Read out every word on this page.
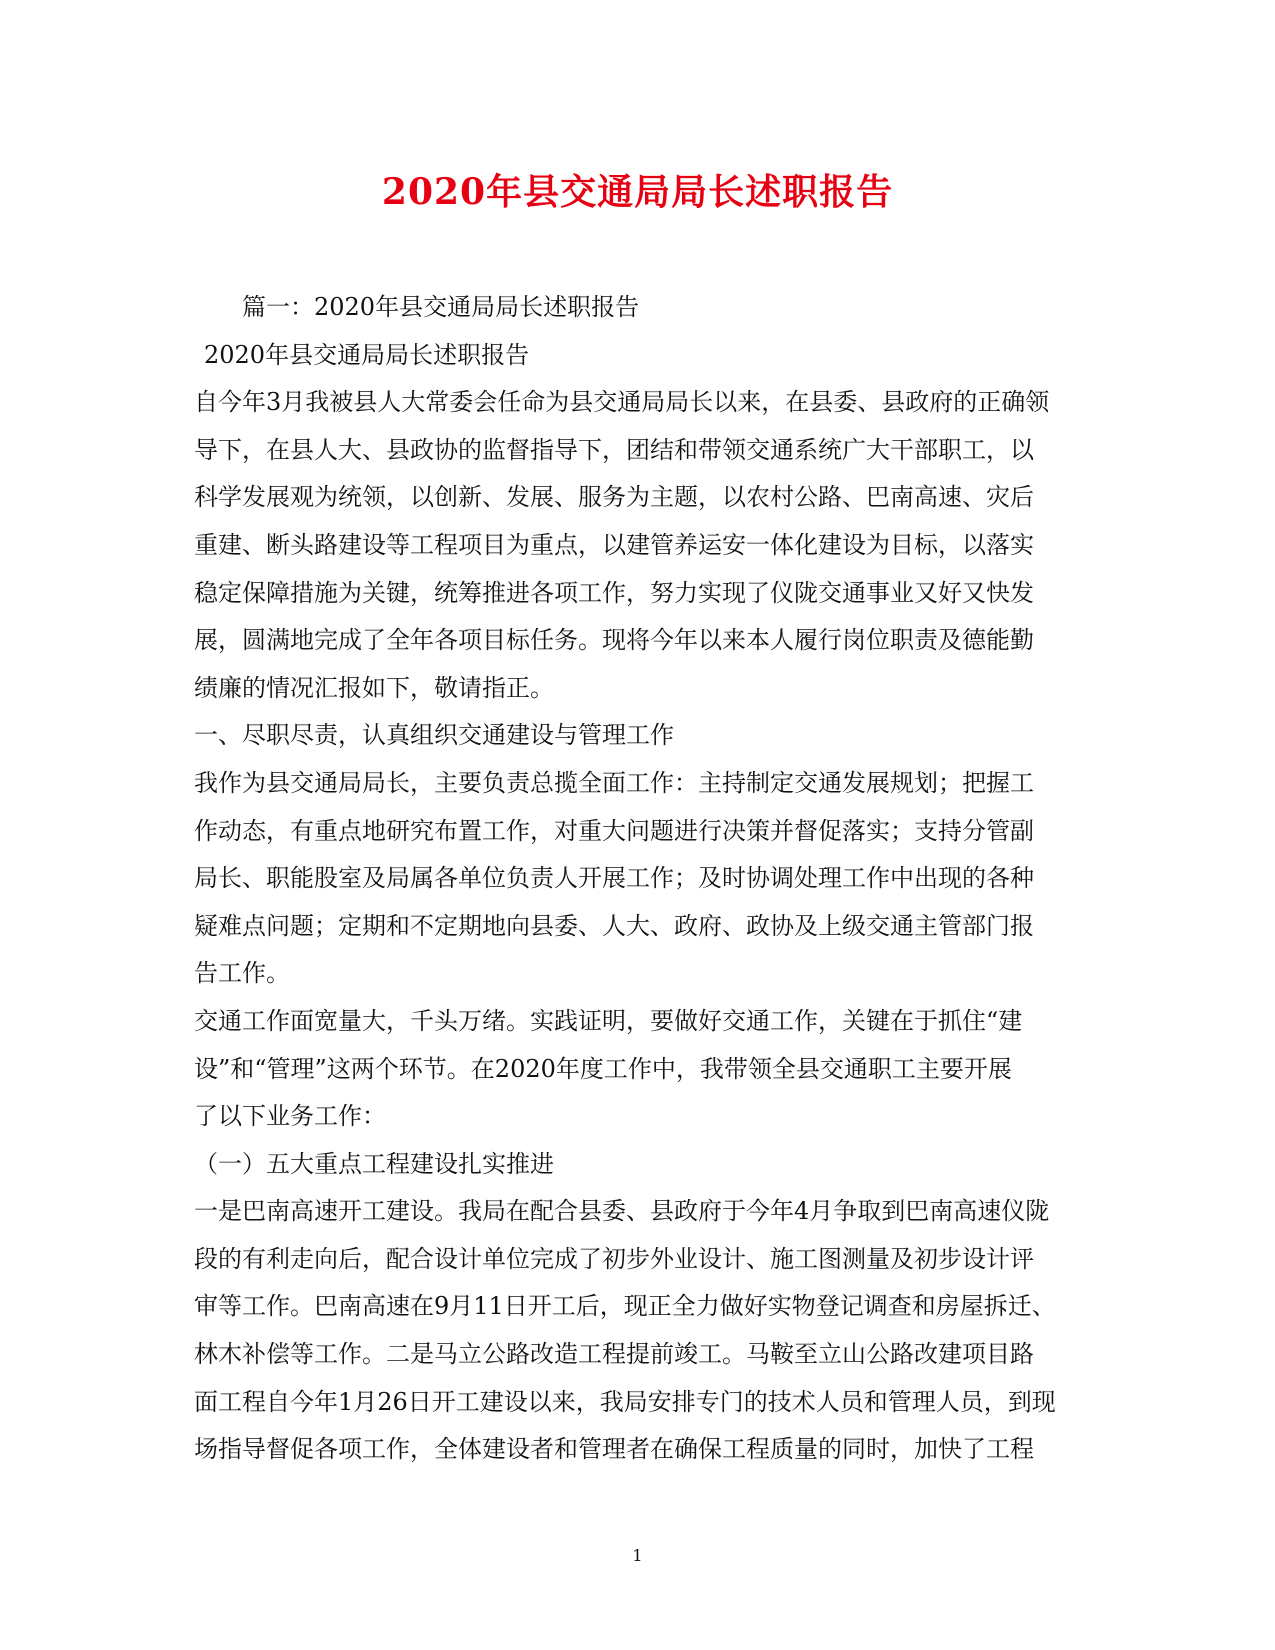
2020年县交通局局长述职报告
篇一：2020年县交通局局长述职报告
2020年县交通局局长述职报告
自今年3月我被县人大常委会任命为县交通局局长以来，在县委、县政府的正确领
导下，在县人大、县政协的监督指导下，团结和带领交通系统广大干部职工，以
科学发展观为统领，以创新、发展、服务为主题，以农村公路、巴南高速、灾后
重建、断头路建设等工程项目为重点，以建管养运安一体化建设为目标，以落实
稳定保障措施为关键，统筹推进各项工作，努力实现了仪陇交通事业又好又快发
展，圆满地完成了全年各项目标任务。现将今年以来本人履行岗位职责及德能勤
绩廉的情况汇报如下，敬请指正。
一、尽职尽责，认真组织交通建设与管理工作
我作为县交通局局长，主要负责总揽全面工作：主持制定交通发展规划；把握工
作动态，有重点地研究布置工作，对重大问题进行决策并督促落实；支持分管副
局长、职能股室及局属各单位负责人开展工作；及时协调处理工作中出现的各种
疑难点问题；定期和不定期地向县委、人大、政府、政协及上级交通主管部门报
告工作。
交通工作面宽量大，千头万绪。实践证明，要做好交通工作，关键在于抓住“建
设”和“管理”这两个环节。在2020年度工作中，我带领全县交通职工主要开展
了以下业务工作：
（一）五大重点工程建设扎实推进
一是巴南高速开工建设。我局在配合县委、县政府于今年4月争取到巴南高速仪陇
段的有利走向后，配合设计单位完成了初步外业设计、施工图测量及初步设计评
审等工作。巴南高速在9月11日开工后，现正全力做好实物登记调查和房屋拆迁、
林木补偿等工作。二是马立公路改造工程提前竣工。马鞍至立山公路改建项目路
面工程自今年1月26日开工建设以来，我局安排专门的技术人员和管理人员，到现
场指导督促各项工作，全体建设者和管理者在确保工程质量的同时，加快了工程
1
